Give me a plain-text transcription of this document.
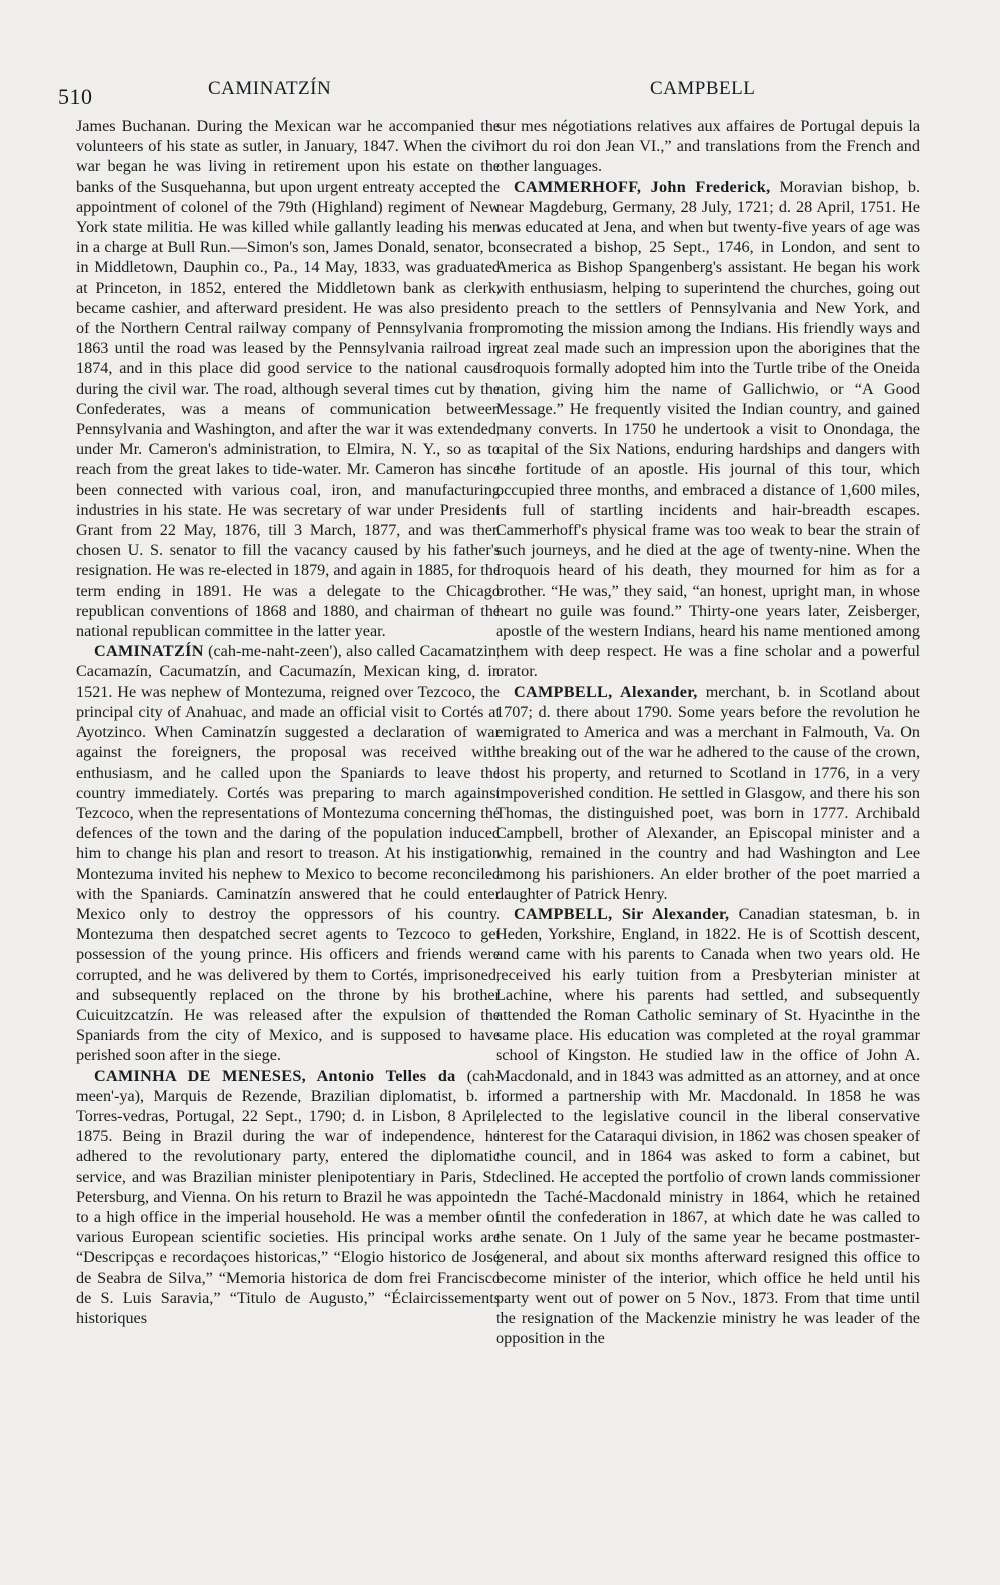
510	CAMINATZÍN	CAMPBELL

James Buchanan. During the Mexican war he accompanied the volunteers of his state as sutler, in January, 1847. When the civil war began he was living in retirement upon his estate on the banks of the Susquehanna, but upon urgent entreaty accepted the appointment of colonel of the 79th (Highland) regiment of New York state militia. He was killed while gallantly leading his men in a charge at Bull Run.—Simon's son, James Donald, senator, b. in Middletown, Dauphin co., Pa., 14 May, 1833, was graduated at Princeton, in 1852, entered the Middletown bank as clerk, became cashier, and afterward president. He was also president of the Northern Central railway company of Pennsylvania from 1863 until the road was leased by the Pennsylvania railroad in 1874, and in this place did good service to the national cause during the civil war. The road, although several times cut by the Confederates, was a means of communication between Pennsylvania and Washington, and after the war it was extended, under Mr. Cameron's administration, to Elmira, N. Y., so as to reach from the great lakes to tide-water. Mr. Cameron has since been connected with various coal, iron, and manufacturing industries in his state. He was secretary of war under President Grant from 22 May, 1876, till 3 March, 1877, and was then chosen U. S. senator to fill the vacancy caused by his father's resignation. He was re-elected in 1879, and again in 1885, for the term ending in 1891. He was a delegate to the Chicago republican conventions of 1868 and 1880, and chairman of the national republican committee in the latter year.

CAMINATZÍN (cah-me-naht-zeen'), also called Cacamatzin, Cacamazín, Cacumatzín, and Cacumazín, Mexican king, d. in 1521. He was nephew of Montezuma, reigned over Tezcoco, the principal city of Anahuac, and made an official visit to Cortés at Ayotzinco. When Caminatzín suggested a declaration of war against the foreigners, the proposal was received with enthusiasm, and he called upon the Spaniards to leave the country immediately. Cortés was preparing to march against Tezcoco, when the representations of Montezuma concerning the defences of the town and the daring of the population induced him to change his plan and resort to treason. At his instigation Montezuma invited his nephew to Mexico to become reconciled with the Spaniards. Caminatzín answered that he could enter Mexico only to destroy the oppressors of his country. Montezuma then despatched secret agents to Tezcoco to get possession of the young prince. His officers and friends were corrupted, and he was delivered by them to Cortés, imprisoned, and subsequently replaced on the throne by his brother Cuicuitzcatzín. He was released after the expulsion of the Spaniards from the city of Mexico, and is supposed to have perished soon after in the siege.

CAMINHA DE MENESES, Antonio Telles da (cah-meen'-ya), Marquis de Rezende, Brazilian diplomatist, b. in Torres-vedras, Portugal, 22 Sept., 1790; d. in Lisbon, 8 April, 1875. Being in Brazil during the war of independence, he adhered to the revolutionary party, entered the diplomatic service, and was Brazilian minister plenipotentiary in Paris, St. Petersburg, and Vienna. On his return to Brazil he was appointed to a high office in the imperial household. He was a member of various European scientific societies. His principal works are “Descripças e recordaçoes historicas,” “Elogio historico de José de Seabra de Silva,” “Memoria historica de dom frei Francisco de S. Luis Saravia,” “Titulo de Augusto,” “Éclaircissements historiques

sur mes négotiations relatives aux affaires de Portugal depuis la mort du roi don Jean VI.,” and translations from the French and other languages.

CAMMERHOFF, John Frederick, Moravian bishop, b. near Magdeburg, Germany, 28 July, 1721; d. 28 April, 1751. He was educated at Jena, and when but twenty-five years of age was consecrated a bishop, 25 Sept., 1746, in London, and sent to America as Bishop Spangenberg's assistant. He began his work with enthusiasm, helping to superintend the churches, going out to preach to the settlers of Pennsylvania and New York, and promoting the mission among the Indians. His friendly ways and great zeal made such an impression upon the aborigines that the Iroquois formally adopted him into the Turtle tribe of the Oneida nation, giving him the name of Gallichwio, or “A Good Message.” He frequently visited the Indian country, and gained many converts. In 1750 he undertook a visit to Onondaga, the capital of the Six Nations, enduring hardships and dangers with the fortitude of an apostle. His journal of this tour, which occupied three months, and embraced a distance of 1,600 miles, is full of startling incidents and hair-breadth escapes. Cammerhoff's physical frame was too weak to bear the strain of such journeys, and he died at the age of twenty-nine. When the Iroquois heard of his death, they mourned for him as for a brother. “He was,” they said, “an honest, upright man, in whose heart no guile was found.” Thirty-one years later, Zeisberger, apostle of the western Indians, heard his name mentioned among them with deep respect. He was a fine scholar and a powerful orator.

CAMPBELL, Alexander, merchant, b. in Scotland about 1707; d. there about 1790. Some years before the revolution he emigrated to America and was a merchant in Falmouth, Va. On the breaking out of the war he adhered to the cause of the crown, lost his property, and returned to Scotland in 1776, in a very impoverished condition. He settled in Glasgow, and there his son Thomas, the distinguished poet, was born in 1777. Archibald Campbell, brother of Alexander, an Episcopal minister and a whig, remained in the country and had Washington and Lee among his parishioners. An elder brother of the poet married a daughter of Patrick Henry.

CAMPBELL, Sir Alexander, Canadian statesman, b. in Heden, Yorkshire, England, in 1822. He is of Scottish descent, and came with his parents to Canada when two years old. He received his early tuition from a Presbyterian minister at Lachine, where his parents had settled, and subsequently attended the Roman Catholic seminary of St. Hyacinthe in the same place. His education was completed at the royal grammar school of Kingston. He studied law in the office of John A. Macdonald, and in 1843 was admitted as an attorney, and at once formed a partnership with Mr. Macdonald. In 1858 he was elected to the legislative council in the liberal conservative interest for the Cataraqui division, in 1862 was chosen speaker of the council, and in 1864 was asked to form a cabinet, but declined. He accepted the portfolio of crown lands commissioner in the Taché-Macdonald ministry in 1864, which he retained until the confederation in 1867, at which date he was called to the senate. On 1 July of the same year he became postmaster-general, and about six months afterward resigned this office to become minister of the interior, which office he held until his party went out of power on 5 Nov., 1873. From that time until the resignation of the Mackenzie ministry he was leader of the opposition in the
